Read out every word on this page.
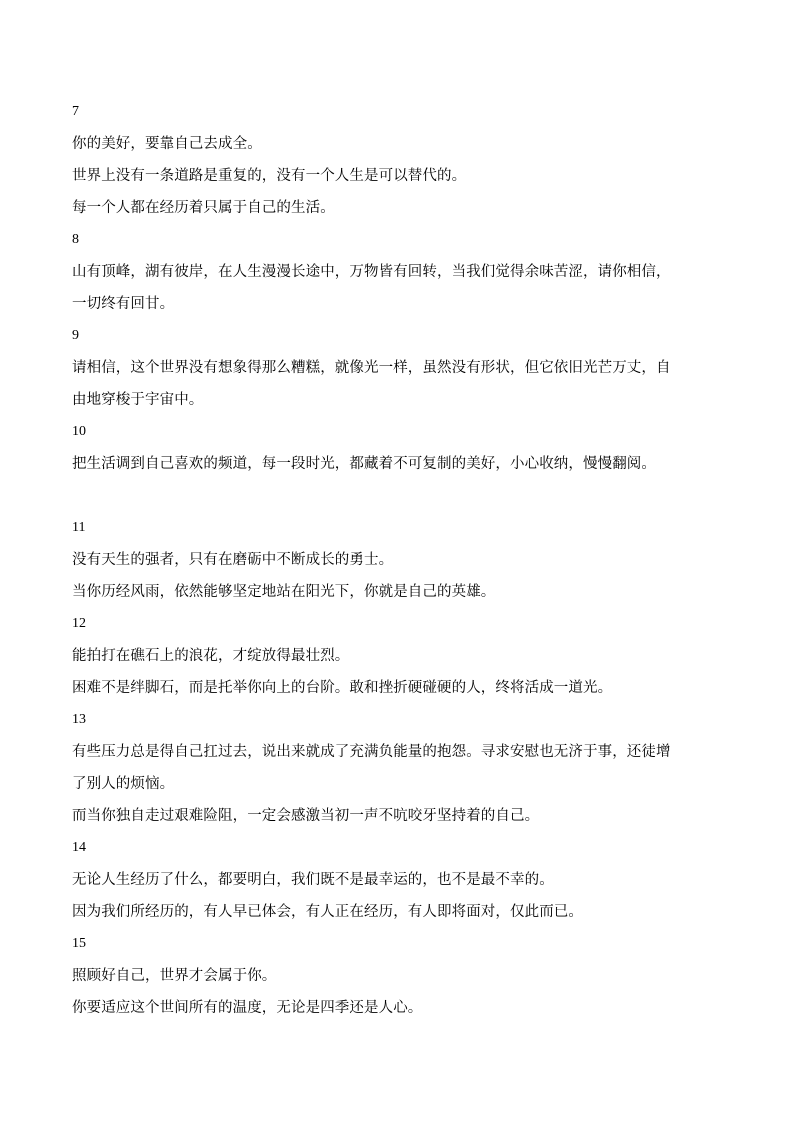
7
你的美好，要靠自己去成全。
世界上没有一条道路是重复的，没有一个人生是可以替代的。
每一个人都在经历着只属于自己的生活。
8
山有顶峰，湖有彼岸，在人生漫漫长途中，万物皆有回转，当我们觉得余味苦涩，请你相信，
一切终有回甘。
9
请相信，这个世界没有想象得那么糟糕，就像光一样，虽然没有形状，但它依旧光芒万丈，自
由地穿梭于宇宙中。
10
把生活调到自己喜欢的频道，每一段时光，都藏着不可复制的美好，小心收纳，慢慢翻阅。
11
没有天生的强者，只有在磨砺中不断成长的勇士。
当你历经风雨，依然能够坚定地站在阳光下，你就是自己的英雄。
12
能拍打在礁石上的浪花，才绽放得最壮烈。
困难不是绊脚石，而是托举你向上的台阶。敢和挫折硬碰硬的人，终将活成一道光。
13
有些压力总是得自己扛过去，说出来就成了充满负能量的抱怨。寻求安慰也无济于事，还徒增
了别人的烦恼。
而当你独自走过艰难险阻，一定会感激当初一声不吭咬牙坚持着的自己。
14
无论人生经历了什么，都要明白，我们既不是最幸运的，也不是最不幸的。
因为我们所经历的，有人早已体会，有人正在经历，有人即将面对，仅此而已。
15
照顾好自己，世界才会属于你。
你要适应这个世间所有的温度，无论是四季还是人心。
